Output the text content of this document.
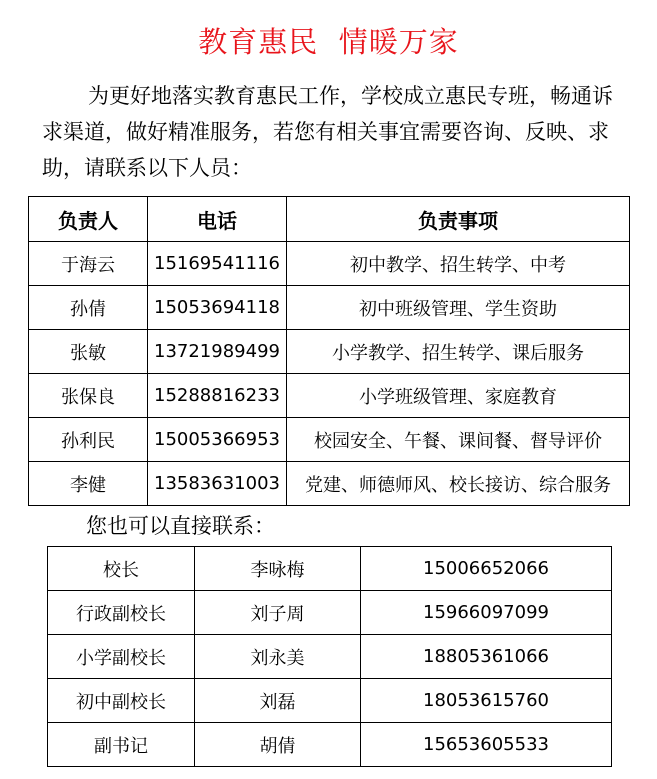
教育惠民  情暖万家

为更好地落实教育惠民工作，学校成立惠民专班，畅通诉求渠道，做好精准服务，若您有相关事宜需要咨询、反映、求助，请联系以下人员：

负责人	电话	负责事项
于海云	15169541116	初中教学、招生转学、中考
孙倩	15053694118	初中班级管理、学生资助
张敏	13721989499	小学教学、招生转学、课后服务
张保良	15288816233	小学班级管理、家庭教育
孙利民	15005366953	校园安全、午餐、课间餐、督导评价
李健	13583631003	党建、师德师风、校长接访、综合服务

您也可以直接联系：

校长	李咏梅	15006652066
行政副校长	刘子周	15966097099
小学副校长	刘永美	18805361066
初中副校长	刘磊	18053615760
副书记	胡倩	15653605533
